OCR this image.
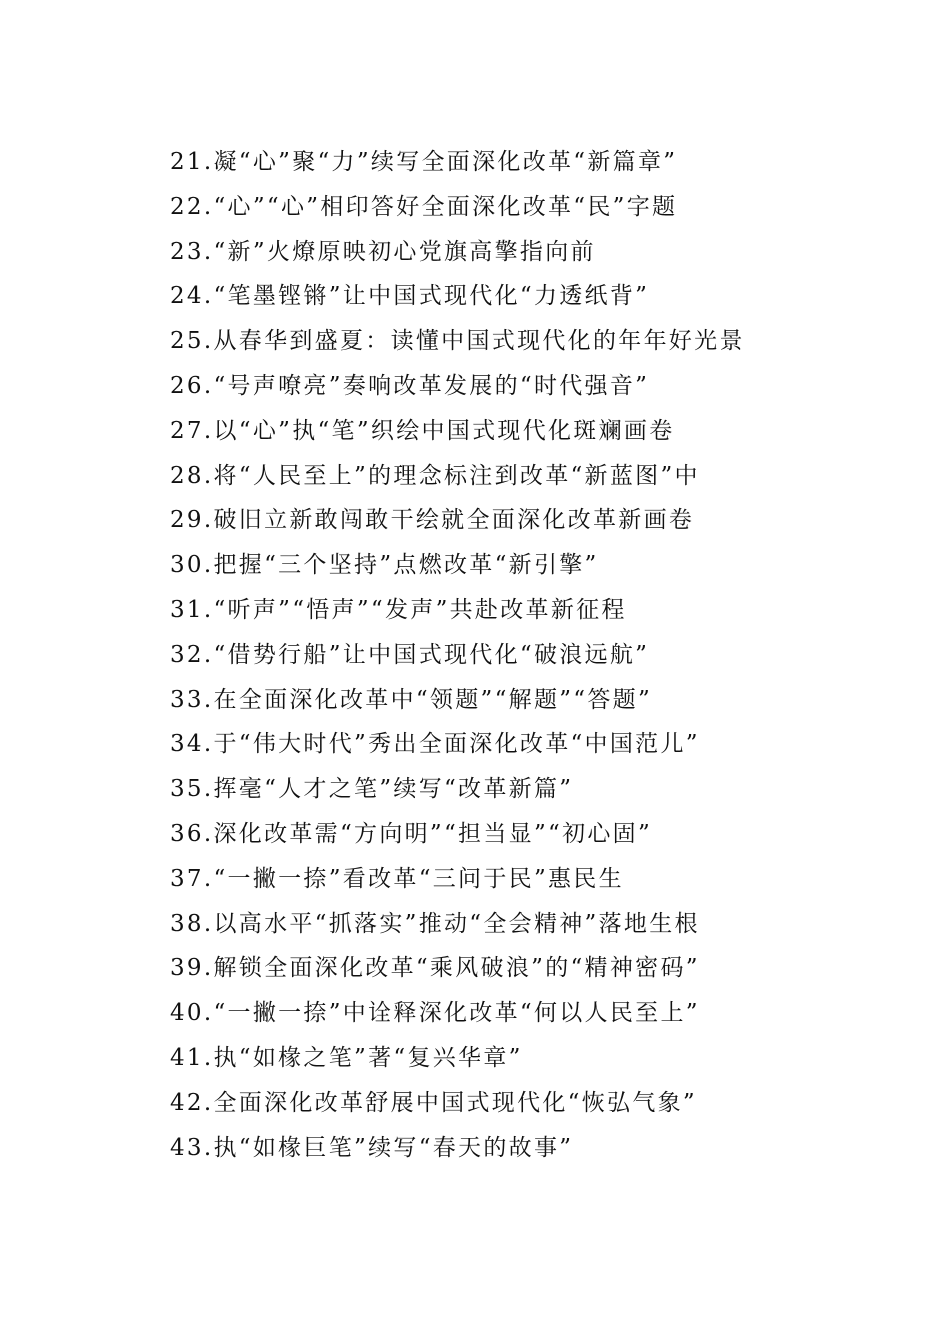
21.凝“心”聚“力”续写全面深化改革“新篇章”
22.“心”“心”相印答好全面深化改革“民”字题
23.“新”火燎原映初心党旗高擎指向前
24.“笔墨铿锵”让中国式现代化“力透纸背”
25.从春华到盛夏：读懂中国式现代化的年年好光景
26.“号声嘹亮”奏响改革发展的“时代强音”
27.以“心”执“笔”织绘中国式现代化斑斓画卷
28.将“人民至上”的理念标注到改革“新蓝图”中
29.破旧立新敢闯敢干绘就全面深化改革新画卷
30.把握“三个坚持”点燃改革“新引擎”
31.“听声”“悟声”“发声”共赴改革新征程
32.“借势行船”让中国式现代化“破浪远航”
33.在全面深化改革中“领题”“解题”“答题”
34.于“伟大时代”秀出全面深化改革“中国范儿”
35.挥毫“人才之笔”续写“改革新篇”
36.深化改革需“方向明”“担当显”“初心固”
37.“一撇一捺”看改革“三问于民”惠民生
38.以高水平“抓落实”推动“全会精神”落地生根
39.解锁全面深化改革“乘风破浪”的“精神密码”
40.“一撇一捺”中诠释深化改革“何以人民至上”
41.执“如椽之笔”著“复兴华章”
42.全面深化改革舒展中国式现代化“恢弘气象”
43.执“如椽巨笔”续写“春天的故事”
